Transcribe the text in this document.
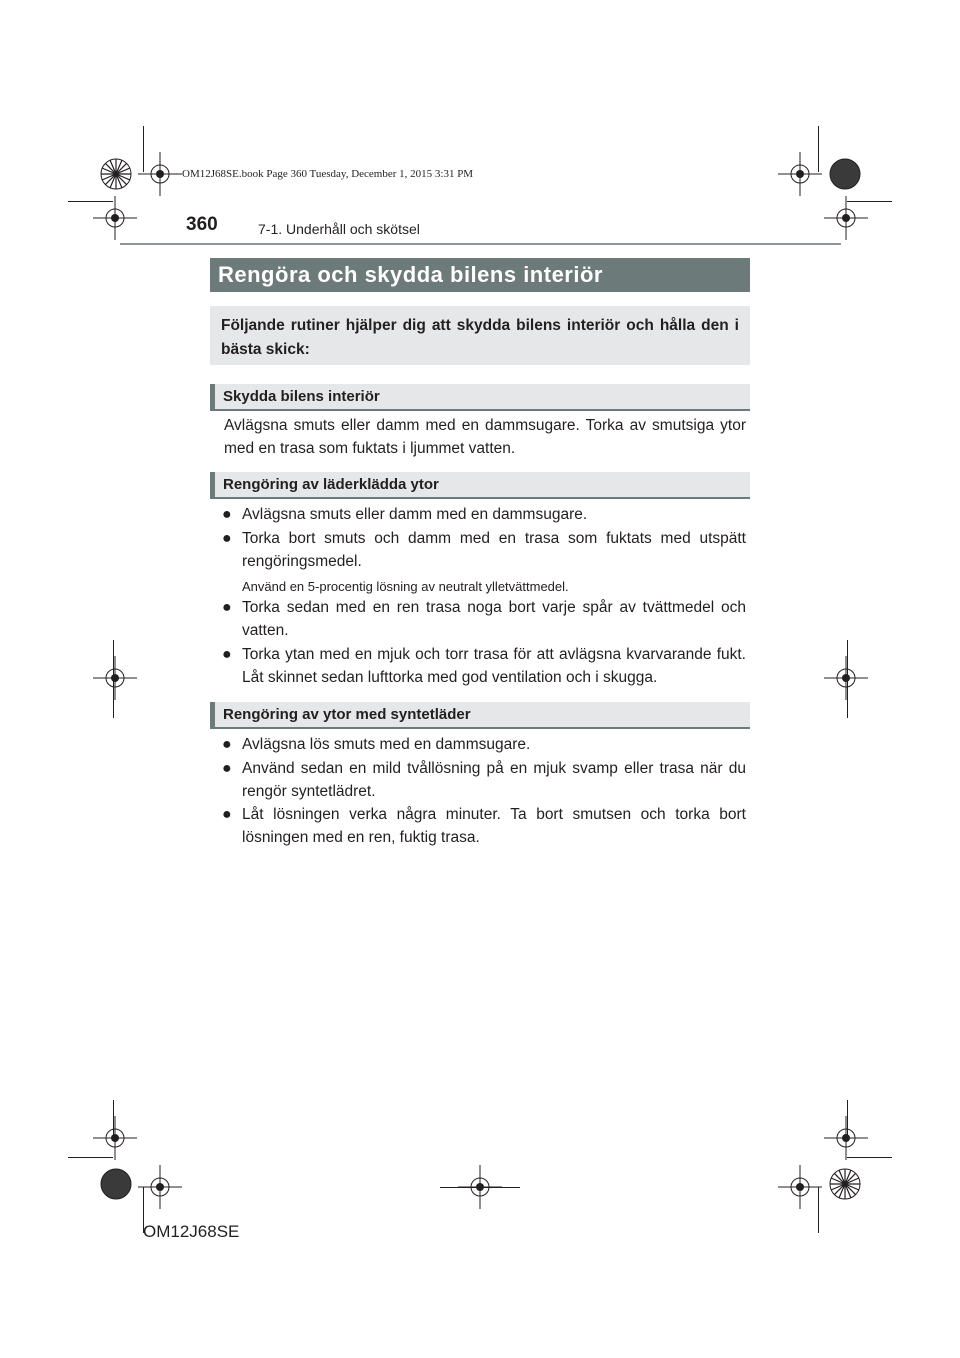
OM12J68SE.book Page 360 Tuesday, December 1, 2015 3:31 PM
360	7-1. Underhåll och skötsel
Rengöra och skydda bilens interiör
Följande rutiner hjälper dig att skydda bilens interiör och hålla den i bästa skick:
Skydda bilens interiör
Avlägsna smuts eller damm med en dammsugare. Torka av smutsiga ytor med en trasa som fuktats i ljummet vatten.
Rengöring av läderklädda ytor
● Avlägsna smuts eller damm med en dammsugare.
● Torka bort smuts och damm med en trasa som fuktats med utspätt rengöringsmedel.
Använd en 5-procentig lösning av neutralt ylletvättmedel.
● Torka sedan med en ren trasa noga bort varje spår av tvättmedel och vatten.
● Torka ytan med en mjuk och torr trasa för att avlägsna kvarvarande fukt. Låt skinnet sedan lufttorka med god ventilation och i skugga.
Rengöring av ytor med syntetläder
● Avlägsna lös smuts med en dammsugare.
● Använd sedan en mild tvållösning på en mjuk svamp eller trasa när du rengör syntetlädret.
● Låt lösningen verka några minuter. Ta bort smutsen och torka bort lösningen med en ren, fuktig trasa.
OM12J68SE
